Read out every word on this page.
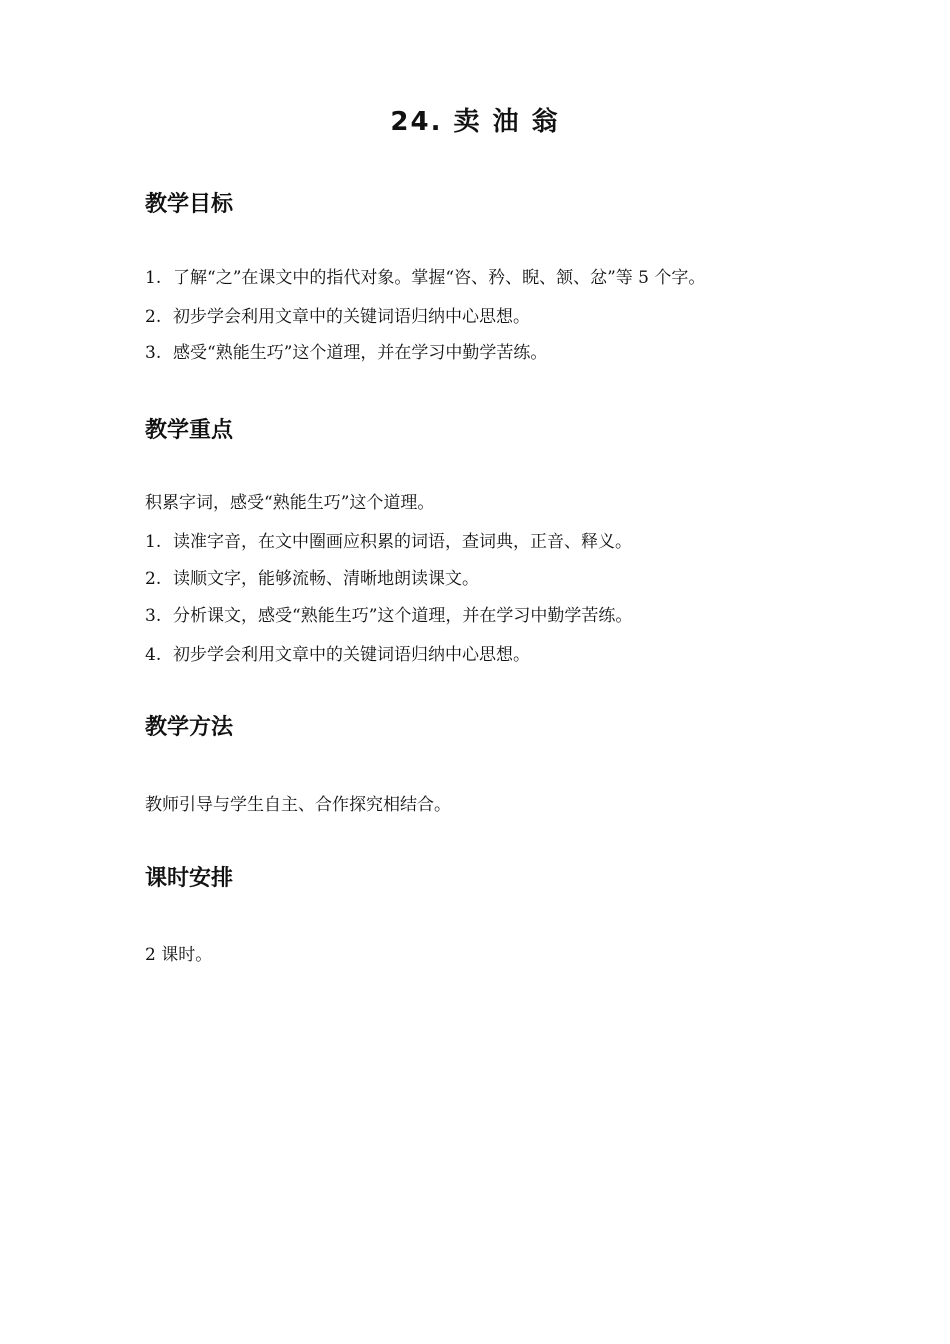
24. 卖 油 翁
教学目标

1. 了解“之”在课文中的指代对象。掌握“咨、矜、睨、颔、忿”等 5 个字。

2. 初步学会利用文章中的关键词语归纳中心思想。

3. 感受“熟能生巧”这个道理，并在学习中勤学苦练。

教学重点

积累字词，感受“熟能生巧”这个道理。

1. 读准字音，在文中圈画应积累的词语，查词典，正音、释义。

2. 读顺文字，能够流畅、清晰地朗读课文。

3. 分析课文，感受“熟能生巧”这个道理，并在学习中勤学苦练。

4. 初步学会利用文章中的关键词语归纳中心思想。

教学方法

教师引导与学生自主、合作探究相结合。

课时安排

2 课时。
